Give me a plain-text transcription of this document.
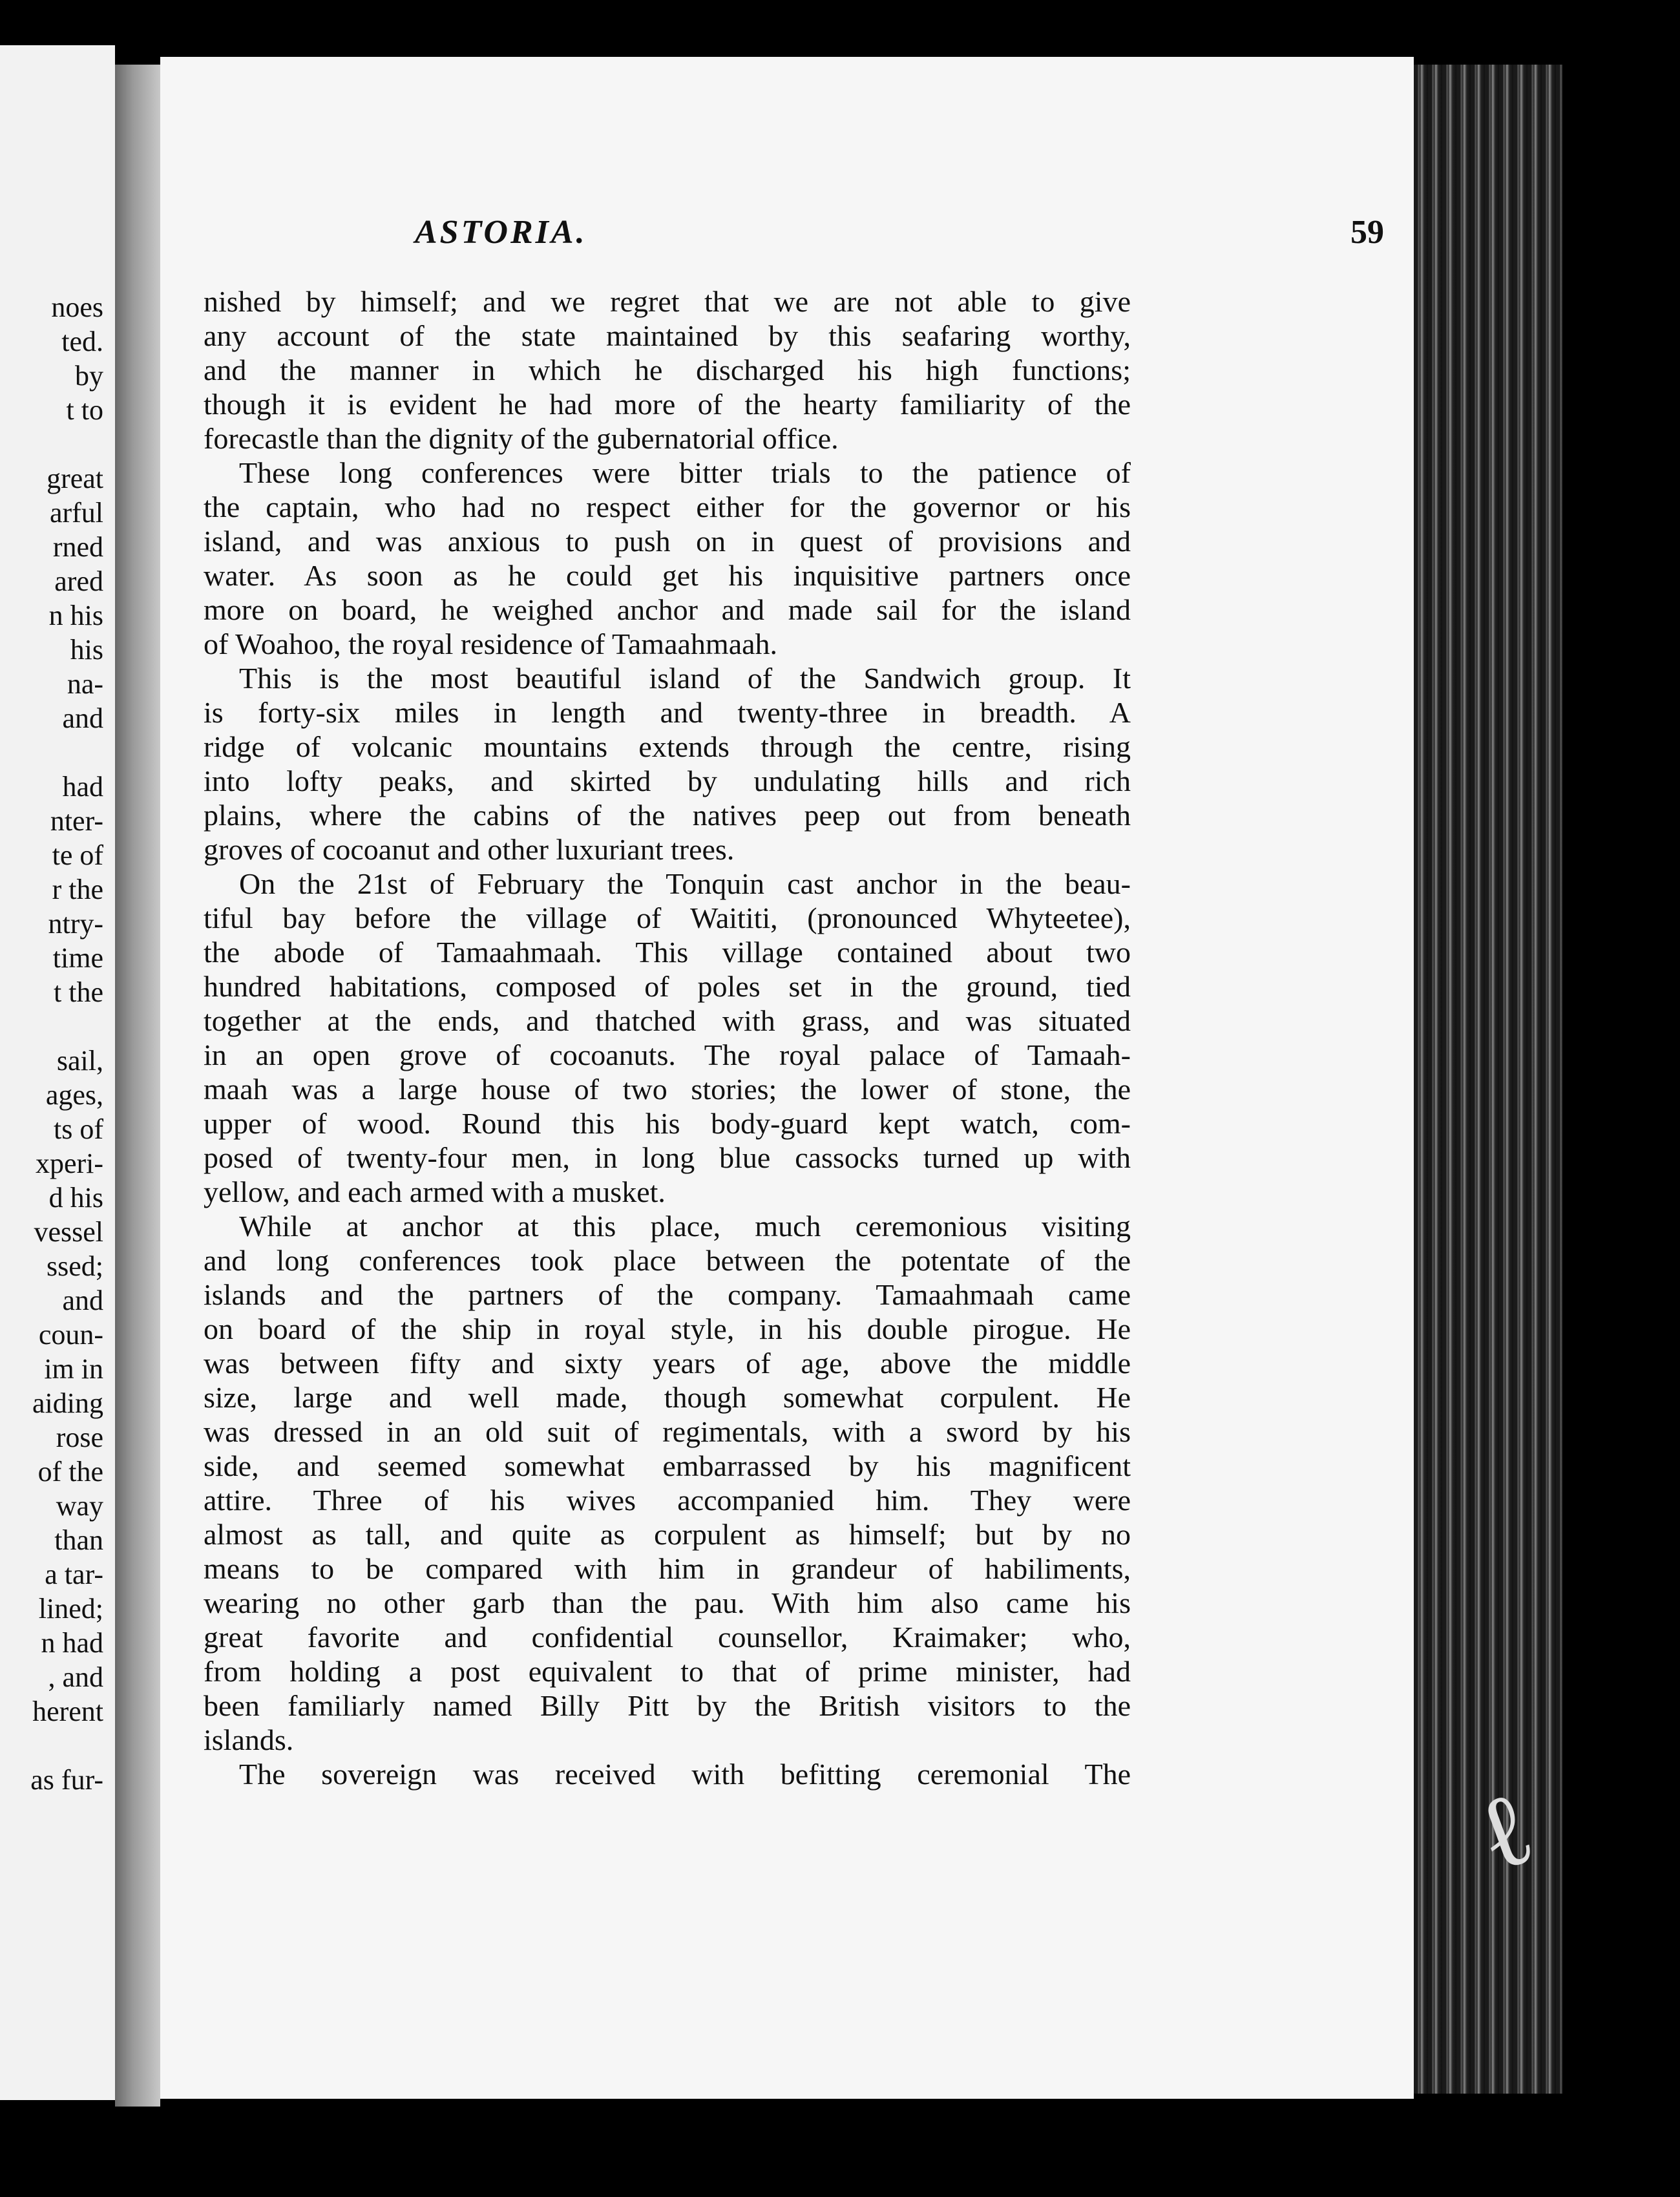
noes
ted.
by
t to
great
arful
rned
ared
n his
his
na-
and
had
nter-
te of
r the
ntry-
time
t the
sail,
ages,
ts of
xperi-
d his
vessel
ssed;
and
coun-
im in
aiding
rose
of the
way
than
a tar-
lined;
n had
, and
herent
as fur-	ℓ
ASTORIA.	59
nished by himself; and we regret that we are not able to give
any account of the state maintained by this seafaring worthy,
and the manner in which he discharged his high functions;
though it is evident he had more of the hearty familiarity of the
forecastle than the dignity of the gubernatorial office.
These long conferences were bitter trials to the patience of
the captain, who had no respect either for the governor or his
island, and was anxious to push on in quest of provisions and
water. As soon as he could get his inquisitive partners once
more on board, he weighed anchor and made sail for the island
of Woahoo, the royal residence of Tamaahmaah.
This is the most beautiful island of the Sandwich group. It
is forty-six miles in length and twenty-three in breadth. A
ridge of volcanic mountains extends through the centre, rising
into lofty peaks, and skirted by undulating hills and rich
plains, where the cabins of the natives peep out from beneath
groves of cocoanut and other luxuriant trees.
On the 21st of February the Tonquin cast anchor in the beau-
tiful bay before the village of Waititi, (pronounced Whyteetee),
the abode of Tamaahmaah. This village contained about two
hundred habitations, composed of poles set in the ground, tied
together at the ends, and thatched with grass, and was situated
in an open grove of cocoanuts. The royal palace of Tamaah-
maah was a large house of two stories; the lower of stone, the
upper of wood. Round this his body-guard kept watch, com-
posed of twenty-four men, in long blue cassocks turned up with
yellow, and each armed with a musket.
While at anchor at this place, much ceremonious visiting
and long conferences took place between the potentate of the
islands and the partners of the company. Tamaahmaah came
on board of the ship in royal style, in his double pirogue. He
was between fifty and sixty years of age, above the middle
size, large and well made, though somewhat corpulent. He
was dressed in an old suit of regimentals, with a sword by his
side, and seemed somewhat embarrassed by his magnificent
attire. Three of his wives accompanied him. They were
almost as tall, and quite as corpulent as himself; but by no
means to be compared with him in grandeur of habiliments,
wearing no other garb than the pau. With him also came his
great favorite and confidential counsellor, Kraimaker; who,
from holding a post equivalent to that of prime minister, had
been familiarly named Billy Pitt by the British visitors to the
islands.
The sovereign was received with befitting ceremonial The
